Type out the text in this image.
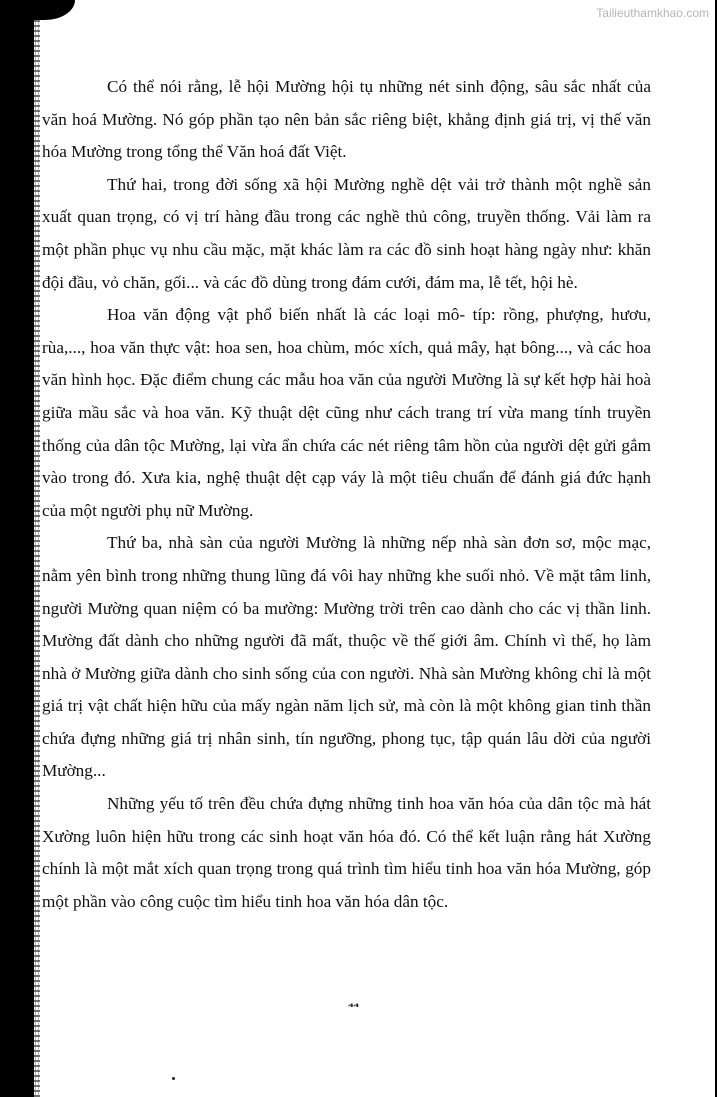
Tailieuthamkhao.com

Có thể nói rằng, lễ hội Mường hội tụ những nét sinh động, sâu sắc nhất của văn hoá Mường. Nó góp phần tạo nên bản sắc riêng biệt, khẳng định giá trị, vị thế văn hóa Mường trong tổng thể Văn hoá đất Việt.

Thứ hai, trong đời sống xã hội Mường nghề dệt vải trở thành một nghề sản xuất quan trọng, có vị trí hàng đầu trong các nghề thủ công, truyền thống. Vải làm ra một phần phục vụ nhu cầu mặc, mặt khác làm ra các đồ sinh hoạt hàng ngày như: khăn đội đầu, vỏ chăn, gối... và các đồ dùng trong đám cưới, đám ma, lễ tết, hội hè.

Hoa văn động vật phổ biến nhất là các loại mô- típ: rồng, phượng, hươu, rùa,..., hoa văn thực vật: hoa sen, hoa chùm, móc xích, quả mây, hạt bông..., và các hoa văn hình học. Đặc điểm chung các mẫu hoa văn của người Mường là sự kết hợp hài hoà giữa mầu sắc và hoa văn. Kỹ thuật dệt cũng như cách trang trí vừa mang tính truyền thống của dân tộc Mường, lại vừa ẩn chứa các nét riêng tâm hồn của người dệt gửi gắm vào trong đó. Xưa kia, nghệ thuật dệt cạp váy là một tiêu chuẩn để đánh giá đức hạnh của một người phụ nữ Mường.

Thứ ba, nhà sàn của người Mường là những nếp nhà sàn đơn sơ, mộc mạc, nằm yên bình trong những thung lũng đá vôi hay những khe suối nhỏ. Về mặt tâm linh, người Mường quan niệm có ba mường: Mường trời trên cao dành cho các vị thần linh. Mường đất dành cho những người đã mất, thuộc về thế giới âm. Chính vì thế, họ làm nhà ở Mường giữa dành cho sinh sống của con người. Nhà sàn Mường không chỉ là một giá trị vật chất hiện hữu của mấy ngàn năm lịch sử, mà còn là một không gian tinh thần chứa đựng những giá trị nhân sinh, tín ngưỡng, phong tục, tập quán lâu dời của người Mường...

Những yếu tố trên đều chứa đựng những tinh hoa văn hóa của dân tộc mà hát Xường luôn hiện hữu trong các sinh hoạt văn hóa đó. Có thể kết luận rằng hát Xường chính là một mắt xích quan trọng trong quá trình tìm hiểu tinh hoa văn hóa Mường, góp một phần vào công cuộc tìm hiểu tinh hoa văn hóa dân tộc.

44
